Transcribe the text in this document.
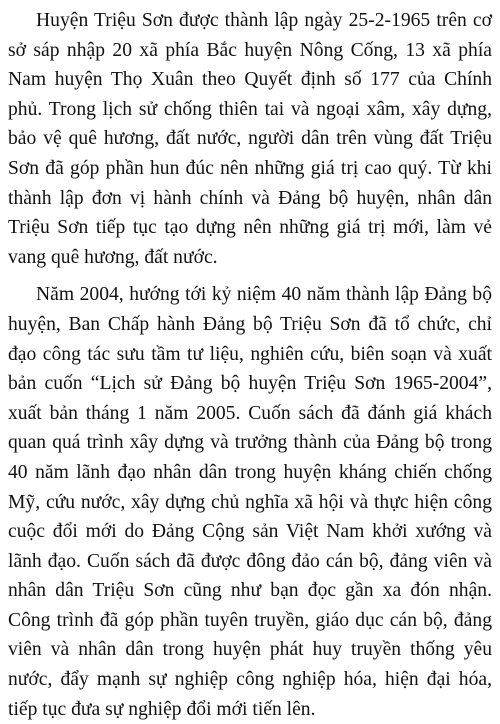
Huyện Triệu Sơn được thành lập ngày 25-2-1965 trên cơ sở sáp nhập 20 xã phía Bắc huyện Nông Cống, 13 xã phía Nam huyện Thọ Xuân theo Quyết định số 177 của Chính phủ. Trong lịch sử chống thiên tai và ngoại xâm, xây dựng, bảo vệ quê hương, đất nước, người dân trên vùng đất Triệu Sơn đã góp phần hun đúc nên những giá trị cao quý. Từ khi thành lập đơn vị hành chính và Đảng bộ huyện, nhân dân Triệu Sơn tiếp tục tạo dựng nên những giá trị mới, làm vẻ vang quê hương, đất nước.

Năm 2004, hướng tới kỷ niệm 40 năm thành lập Đảng bộ huyện, Ban Chấp hành Đảng bộ Triệu Sơn đã tổ chức, chỉ đạo công tác sưu tầm tư liệu, nghiên cứu, biên soạn và xuất bản cuốn “Lịch sử Đảng bộ huyện Triệu Sơn 1965-2004”, xuất bản tháng 1 năm 2005. Cuốn sách đã đánh giá khách quan quá trình xây dựng và trưởng thành của Đảng bộ trong 40 năm lãnh đạo nhân dân trong huyện kháng chiến chống Mỹ, cứu nước, xây dựng chủ nghĩa xã hội và thực hiện công cuộc đổi mới do Đảng Cộng sản Việt Nam khởi xướng và lãnh đạo. Cuốn sách đã được đông đảo cán bộ, đảng viên và nhân dân Triệu Sơn cũng như bạn đọc gần xa đón nhận. Công trình đã góp phần tuyên truyền, giáo dục cán bộ, đảng viên và nhân dân trong huyện phát huy truyền thống yêu nước, đẩy mạnh sự nghiệp công nghiệp hóa, hiện đại hóa, tiếp tục đưa sự nghiệp đổi mới tiến lên.
